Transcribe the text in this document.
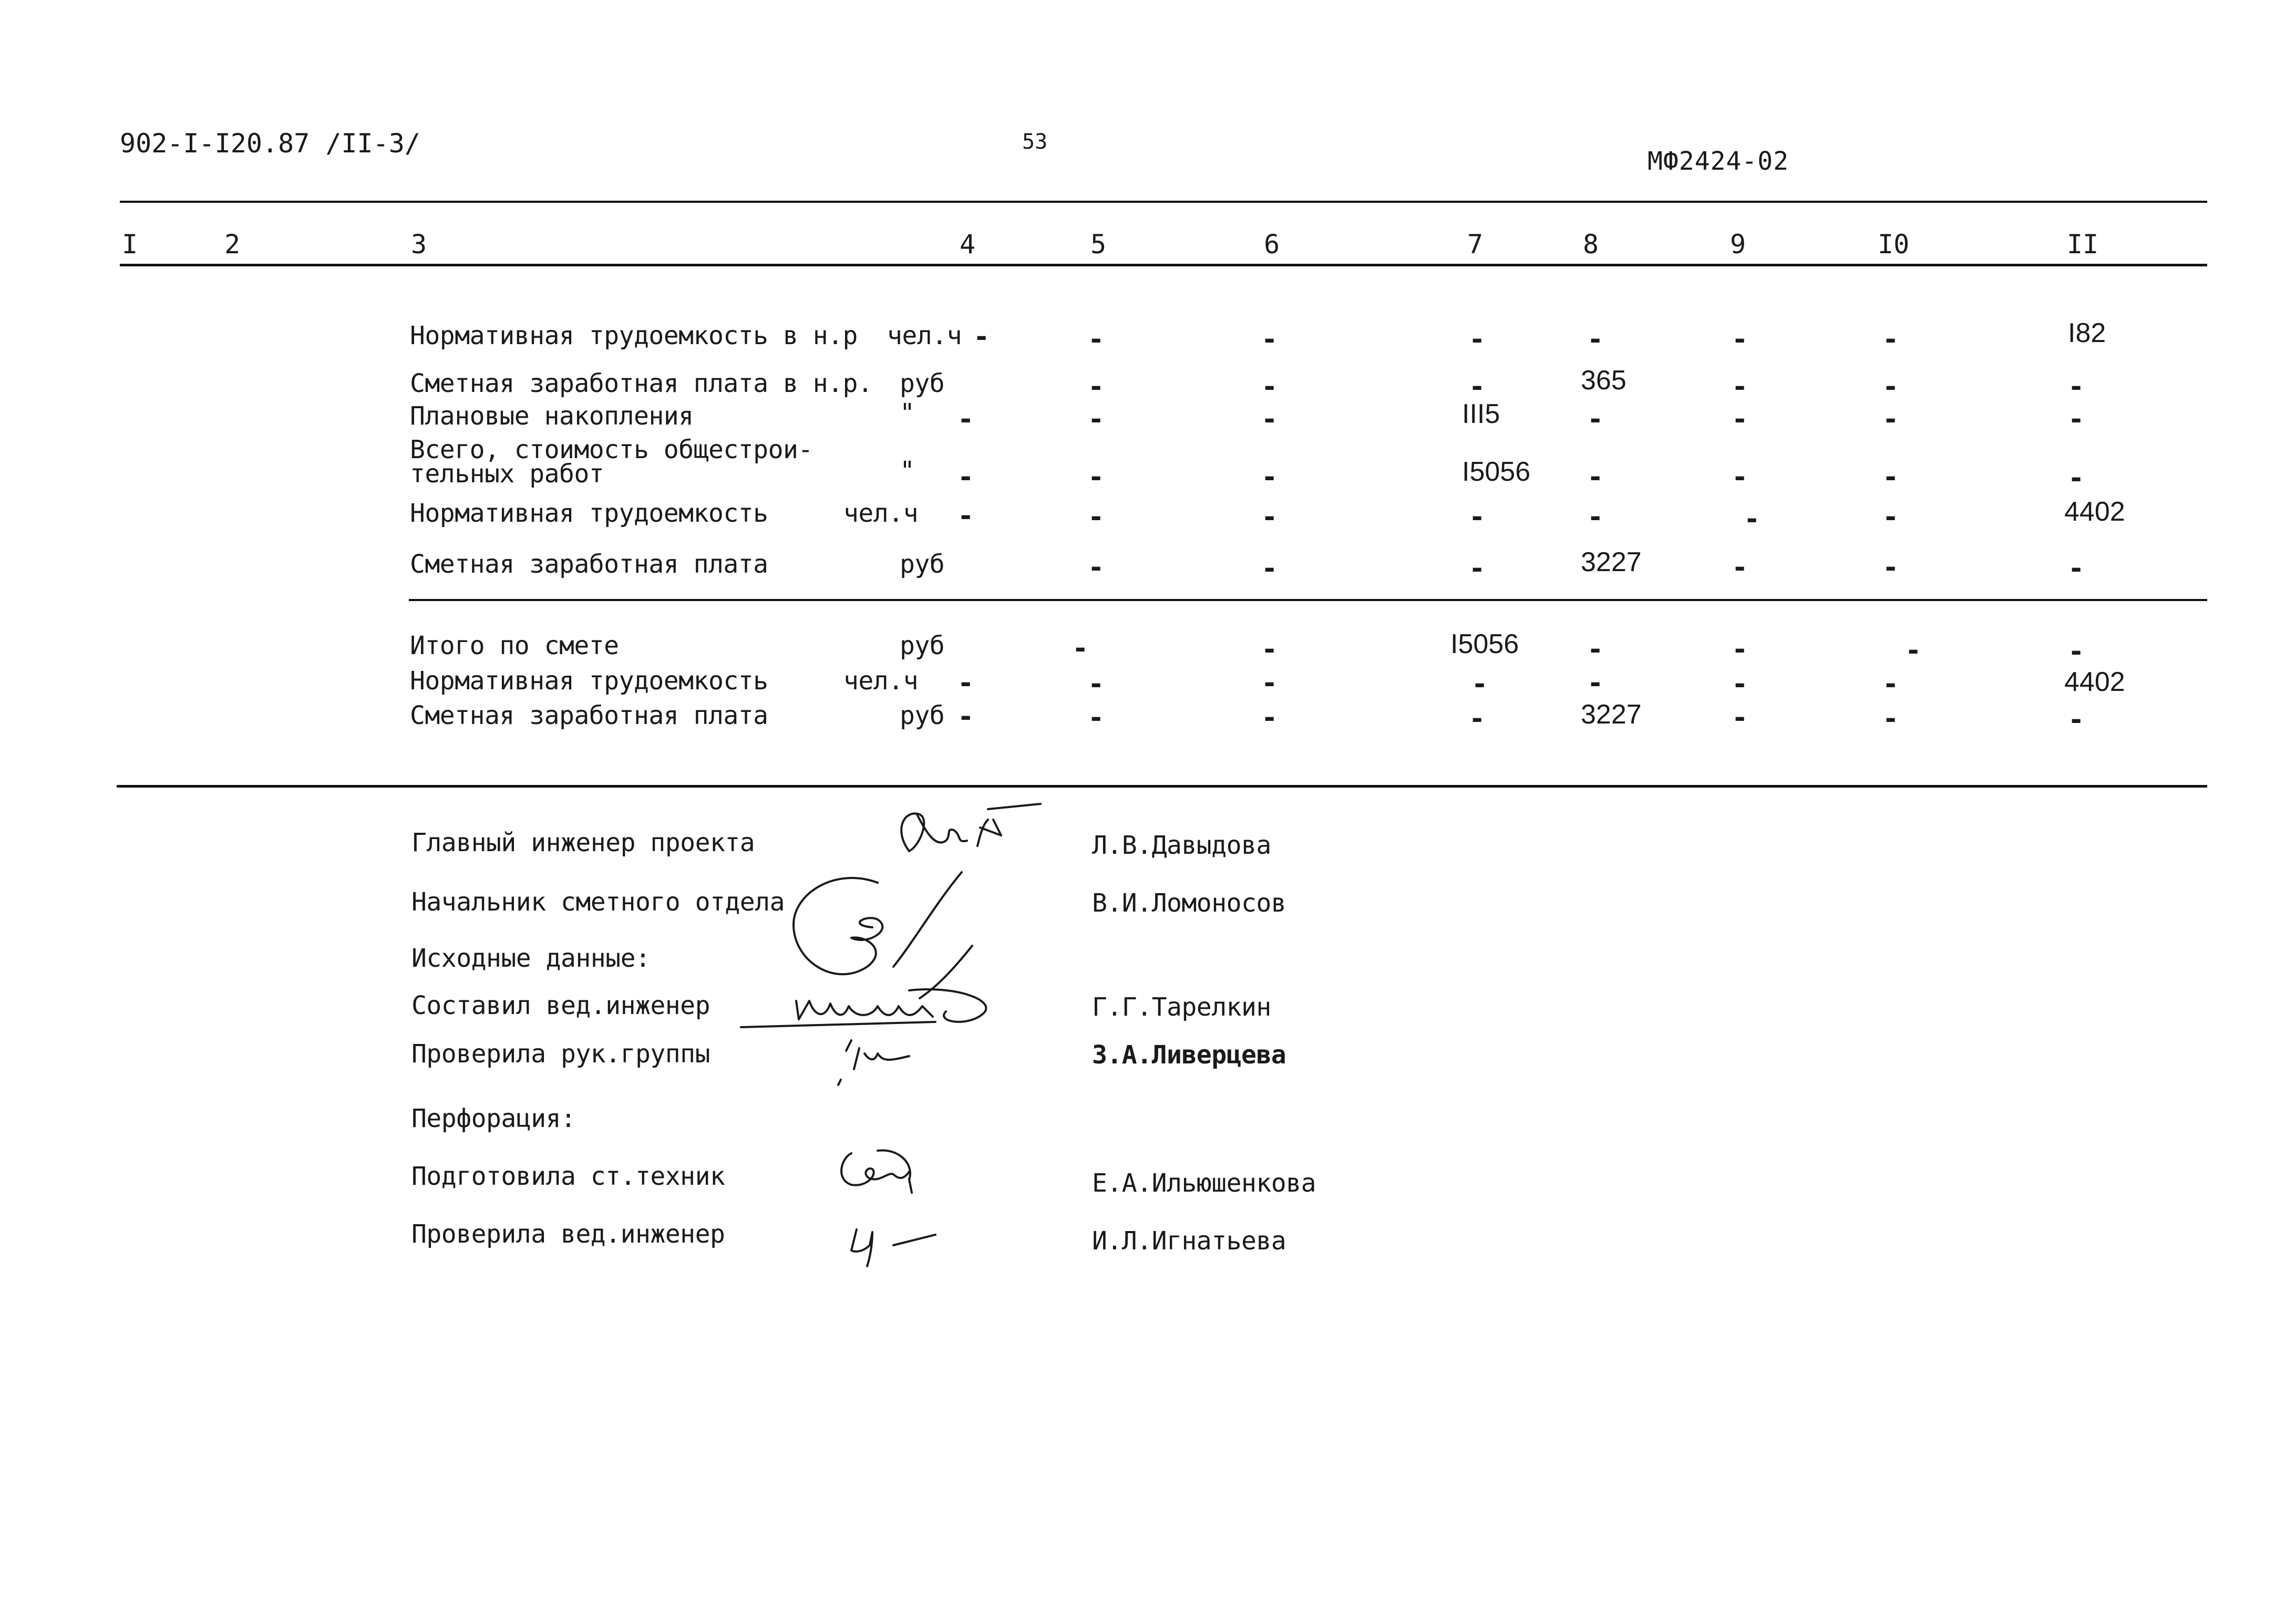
902-I-I20.87 /II-3/	53
МФ2424-02
I	2	3	4	5	6	7	8	9	I0	II
Нормативная трудоемкость в н.р чел.ч -	-	-	-	-	-	-	I82
Сметная заработная плата в н.р. руб	-	-	-	365	-	-	-
Плановые накопления	" -	-	-	III5	-	-	-	-
Всего, стоимость общестрои-
тельных работ	" -	-	-	I5056 -	-	-	-
Нормативная трудоемкость	чел.ч -	-	-	-	-	-	-	4402
Сметная заработная плата	руб	-	-	-	3227	-	-	-
Итого по смете	руб	-	-	I5056 -	-	-	-
Нормативная трудоемкость	чел.ч -	-	-	-	-	-	-	4402
Сметная заработная плата	руб -	-	-	-	3227	-	-	-
Главный инженер проекта	Л.В.Давыдова
Начальник сметного отдела	В.И.Ломоносов
Исходные данные:
Составил вед.инженер	Г.Г.Тарелкин
Проверила рук.группы	З.А.Ливерцева
Перфорация:
Подготовила ст.техник	Е.А.Ильюшенкова
Проверила вед.инженер	И.Л.Игнатьева
